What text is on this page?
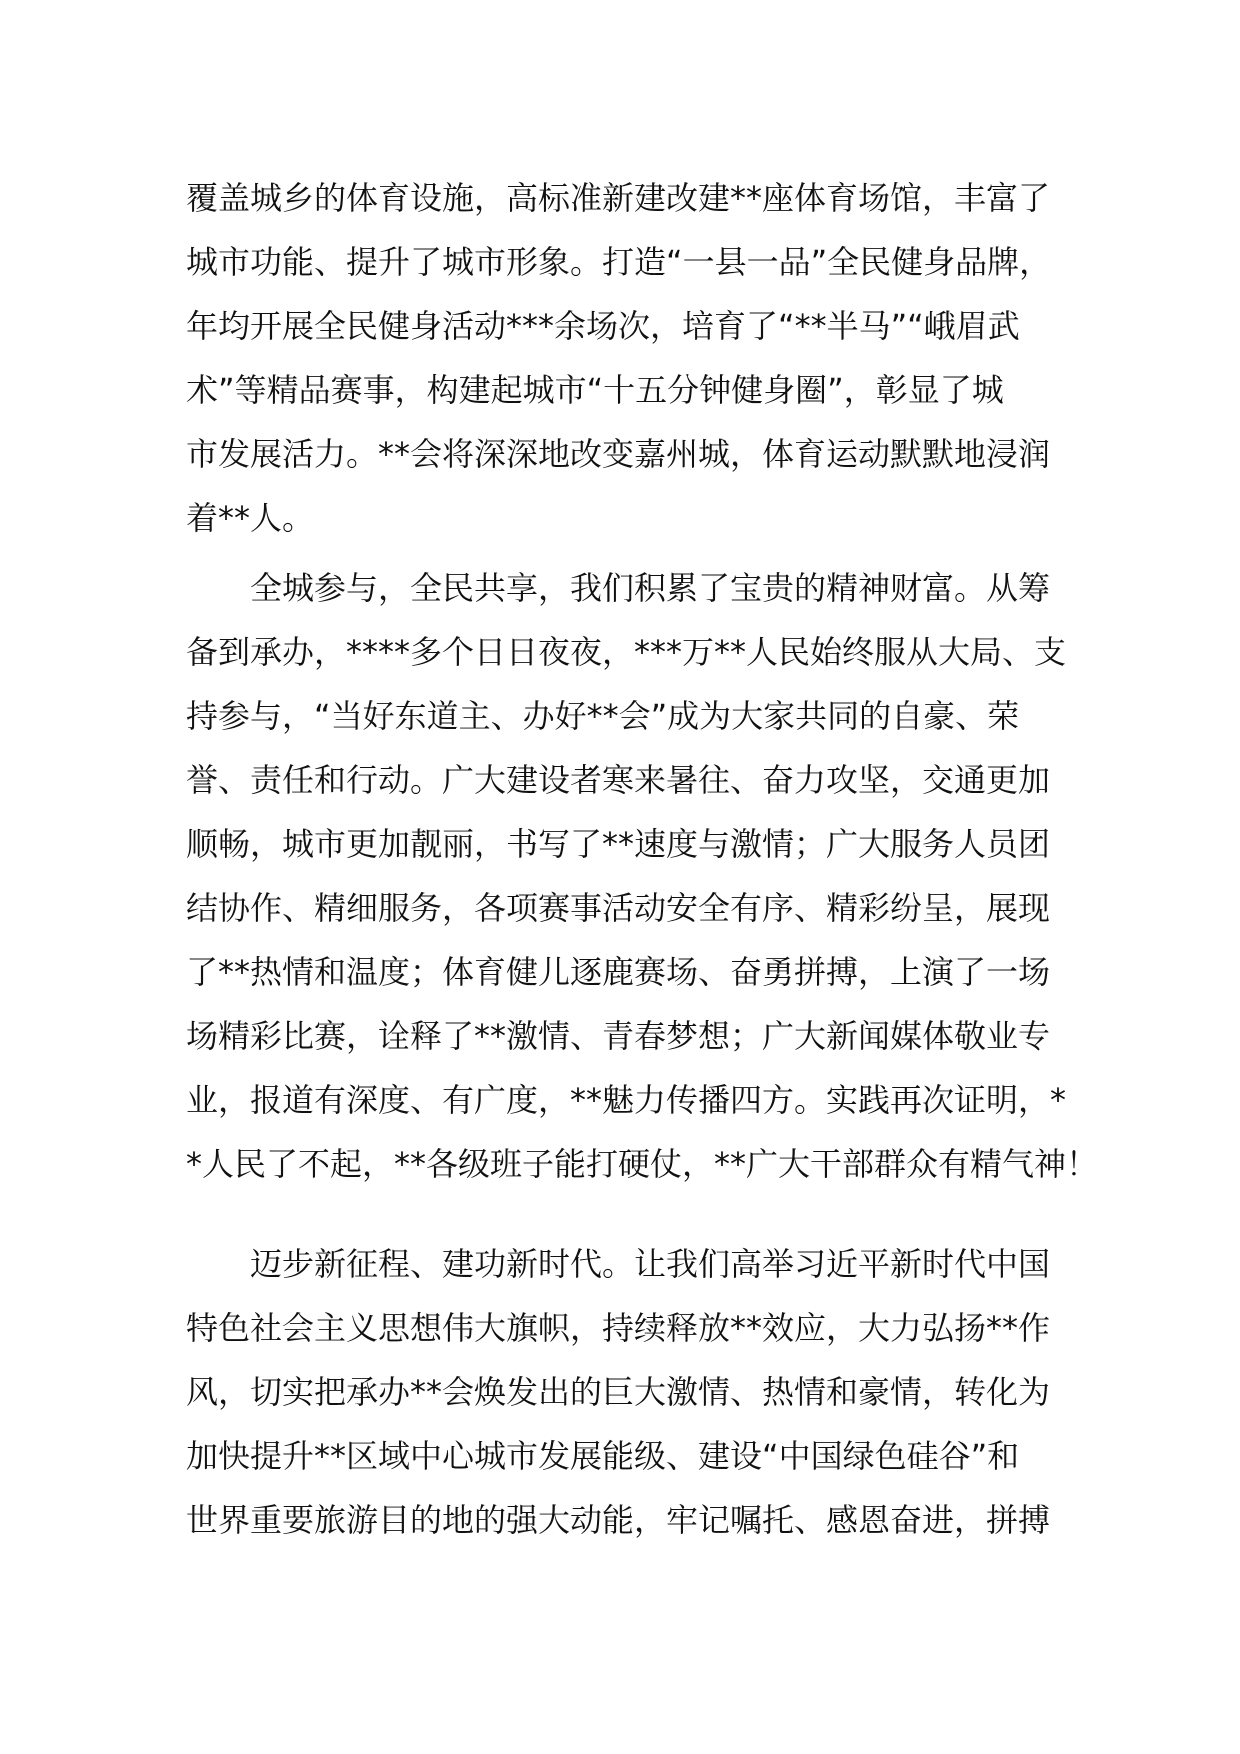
覆盖城乡的体育设施，高标准新建改建**座体育场馆，丰富了
城市功能、提升了城市形象。打造“一县一品”全民健身品牌，
年均开展全民健身活动***余场次，培育了“**半马”“峨眉武
术”等精品赛事，构建起城市“十五分钟健身圈”，彰显了城
市发展活力。**会将深深地改变嘉州城，体育运动默默地浸润
着**人。
　　全城参与，全民共享，我们积累了宝贵的精神财富。从筹
备到承办，****多个日日夜夜，***万**人民始终服从大局、支
持参与，“当好东道主、办好**会”成为大家共同的自豪、荣
誉、责任和行动。广大建设者寒来暑往、奋力攻坚，交通更加
顺畅，城市更加靓丽，书写了**速度与激情；广大服务人员团
结协作、精细服务，各项赛事活动安全有序、精彩纷呈，展现
了**热情和温度；体育健儿逐鹿赛场、奋勇拼搏，上演了一场
场精彩比赛，诠释了**激情、青春梦想；广大新闻媒体敬业专
业，报道有深度、有广度，**魅力传播四方。实践再次证明，*
*人民了不起，**各级班子能打硬仗，**广大干部群众有精气神！
　　迈步新征程、建功新时代。让我们高举习近平新时代中国
特色社会主义思想伟大旗帜，持续释放**效应，大力弘扬**作
风，切实把承办**会焕发出的巨大激情、热情和豪情，转化为
加快提升**区域中心城市发展能级、建设“中国绿色硅谷”和
世界重要旅游目的地的强大动能，牢记嘱托、感恩奋进，拼搏
